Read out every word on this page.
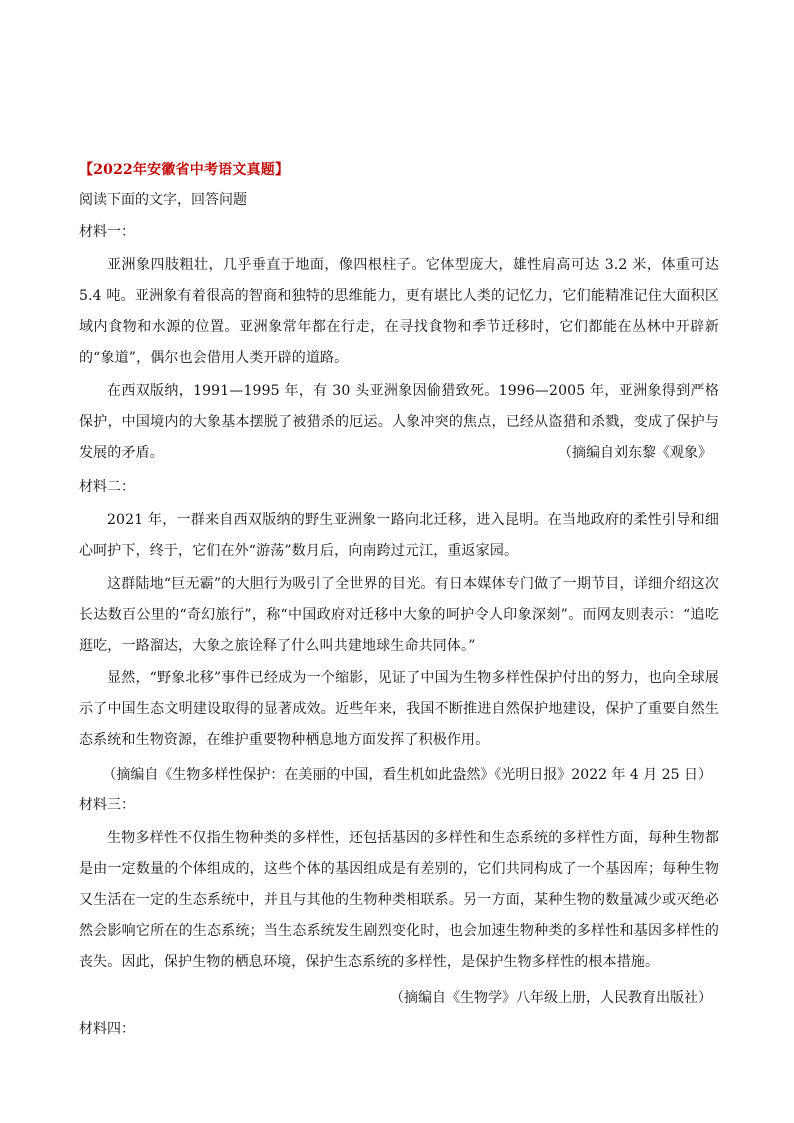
【2022年安徽省中考语文真题】
阅读下面的文字，回答问题
材料一：
亚洲象四肢粗壮，几乎垂直于地面，像四根柱子。它体型庞大，雄性肩高可达 3.2 米，体重可达 5.4 吨。亚洲象有着很高的智商和独特的思维能力，更有堪比人类的记忆力，它们能精准记住大面积区域内食物和水源的位置。亚洲象常年都在行走，在寻找食物和季节迁移时，它们都能在丛林中开辟新的“象道”，偶尔也会借用人类开辟的道路。
在西双版纳，1991—1995 年，有 30 头亚洲象因偷猎致死。1996—2005 年，亚洲象得到严格保护，中国境内的大象基本摆脱了被猎杀的厄运。人象冲突的焦点，已经从盗猎和杀戮，变成了保护与发展的矛盾。	（摘编自刘东黎《观象》
材料二：
2021 年，一群来自西双版纳的野生亚洲象一路向北迁移，进入昆明。在当地政府的柔性引导和细心呵护下，终于，它们在外“游荡”数月后，向南跨过元江，重返家园。
这群陆地“巨无霸”的大胆行为吸引了全世界的目光。有日本媒体专门做了一期节目，详细介绍这次长达数百公里的“奇幻旅行”，称“中国政府对迁移中大象的呵护令人印象深刻”。而网友则表示：“追吃逛吃，一路溜达，大象之旅诠释了什么叫共建地球生命共同体。”
显然，“野象北移”事件已经成为一个缩影，见证了中国为生物多样性保护付出的努力，也向全球展示了中国生态文明建设取得的显著成效。近些年来，我国不断推进自然保护地建设，保护了重要自然生态系统和生物资源，在维护重要物种栖息地方面发挥了积极作用。
（摘编自《生物多样性保护：在美丽的中国，看生机如此盎然》《光明日报》2022 年 4 月 25 日）
材料三：
生物多样性不仅指生物种类的多样性，还包括基因的多样性和生态系统的多样性方面，每种生物都是由一定数量的个体组成的，这些个体的基因组成是有差别的，它们共同构成了一个基因库；每种生物又生活在一定的生态系统中，并且与其他的生物种类相联系。另一方面，某种生物的数量减少或灭绝必然会影响它所在的生态系统；当生态系统发生剧烈变化时，也会加速生物种类的多样性和基因多样性的丧失。因此，保护生物的栖息环境，保护生态系统的多样性，是保护生物多样性的根本措施。
（摘编自《生物学》八年级上册，人民教育出版社）
材料四：
